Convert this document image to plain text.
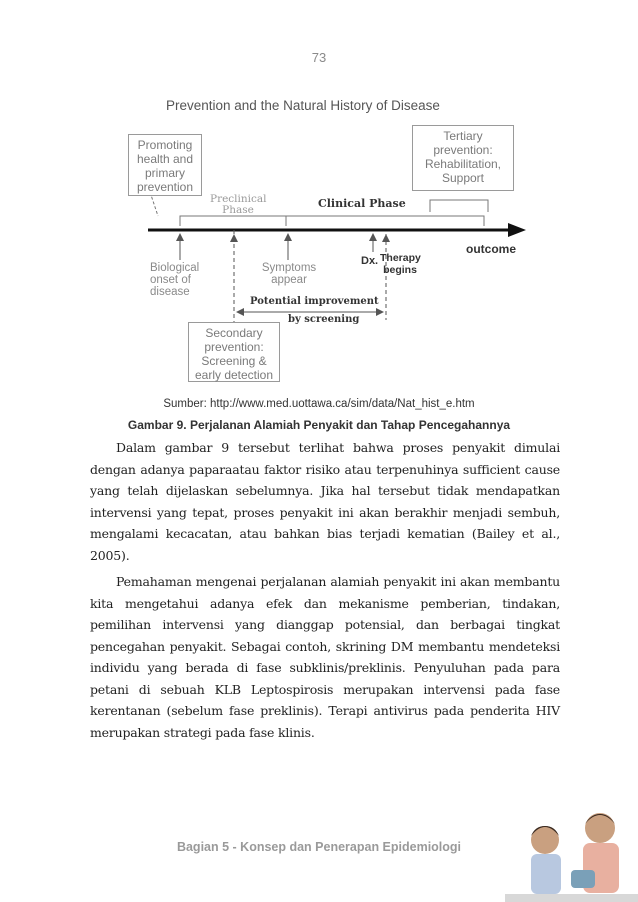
73
Prevention and the Natural History of Disease
Promoting
health and
primary
prevention
Tertiary
prevention:
Rehabilitation,
Support
Secondary
prevention:
Screening &
early detection
Preclinical
Phase	Clinical Phase
outcome
Biological
onset of
disease
Symptoms
appear
Dx. Therapy
begins
Potential improvement
by screening
Sumber: http://www.med.uottawa.ca/sim/data/Nat_hist_e.htm
Gambar 9. Perjalanan Alamiah Penyakit dan Tahap Pencegahannya

Dalam gambar 9 tersebut terlihat bahwa proses penyakit dimulai dengan adanya paparaatau faktor risiko atau terpenuhinya sufficient cause yang telah dijelaskan sebelumnya. Jika hal tersebut tidak mendapatkan intervensi yang tepat, proses penyakit ini akan berakhir menjadi sembuh, mengalami kecacatan, atau bahkan bias terjadi kematian (Bailey et al., 2005).

Pemahaman mengenai perjalanan alamiah penyakit ini akan membantu kita mengetahui adanya efek dan mekanisme pemberian, tindakan, pemilihan intervensi yang dianggap potensial, dan berbagai tingkat pencegahan penyakit. Sebagai contoh, skrining DM membantu mendeteksi individu yang berada di fase subklinis/preklinis. Penyuluhan pada para petani di sebuah KLB Leptospirosis merupakan intervensi pada fase kerentanan (sebelum fase preklinis). Terapi antivirus pada penderita HIV merupakan strategi pada fase klinis.

Bagian 5 - Konsep dan Penerapan Epidemiologi
